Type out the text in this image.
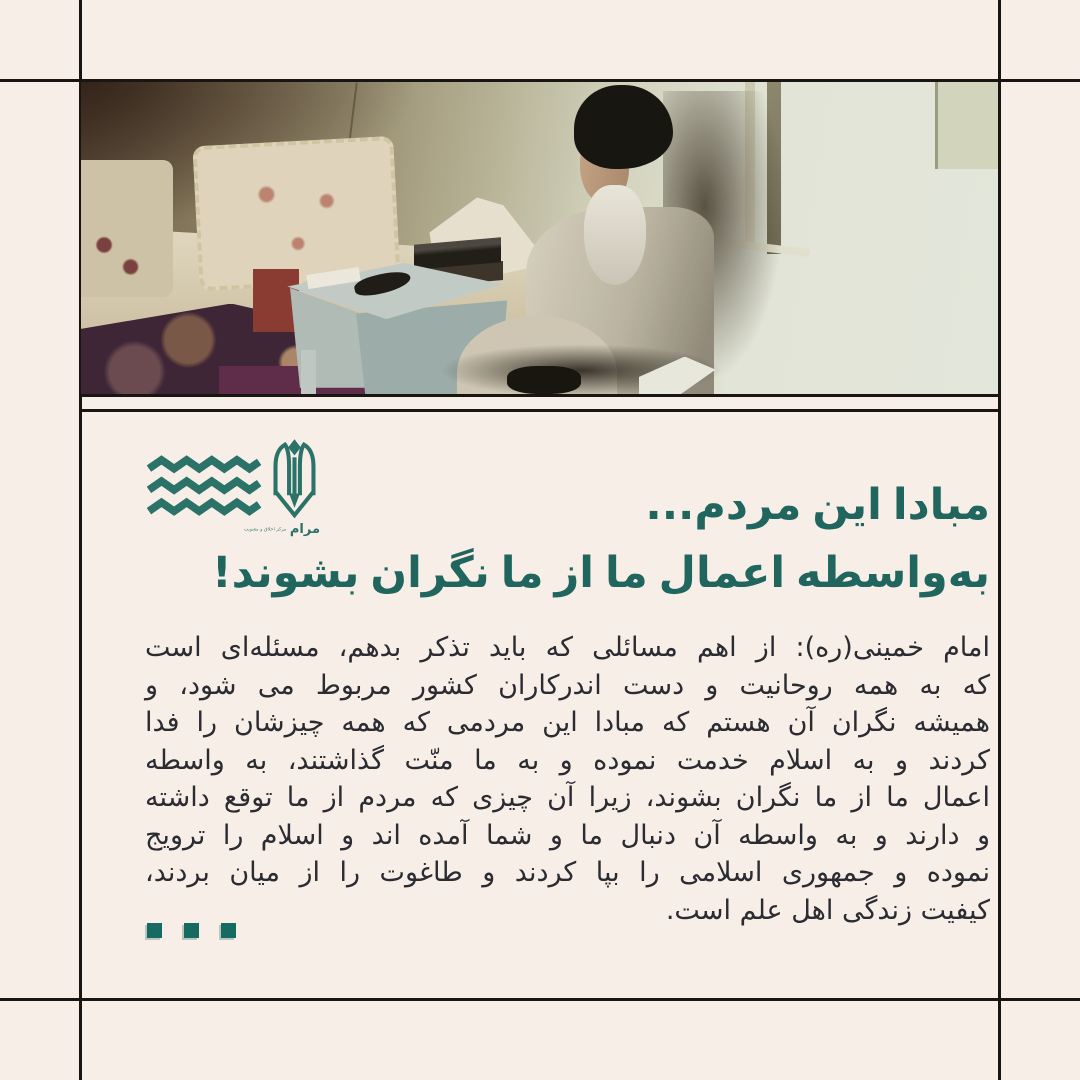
مرکز اخلاق و معنویت مرام	مبادا این مردم...
به‌واسطه اعمال ما از ما نگران بشوند!
امام خمینی(ره): از اهم مسائلی که باید تذکر بدهم، مسئله‌ای است
که به همه روحانیت و دست اندرکاران کشور مربوط می شود، و
همیشه نگران آن هستم که مبادا این مردمی که همه چیزشان را فدا
کردند و به اسلام خدمت نموده و به ما منّت گذاشتند، به واسطه
اعمال ما از ما نگران بشوند، زیرا آن چیزی که مردم از ما توقع داشته
و دارند و به واسطه آن دنبال ما و شما آمده اند و اسلام را ترویج
نموده و جمهوری اسلامی را بپا کردند و طاغوت را از میان بردند،
کیفیت زندگی اهل علم است.
